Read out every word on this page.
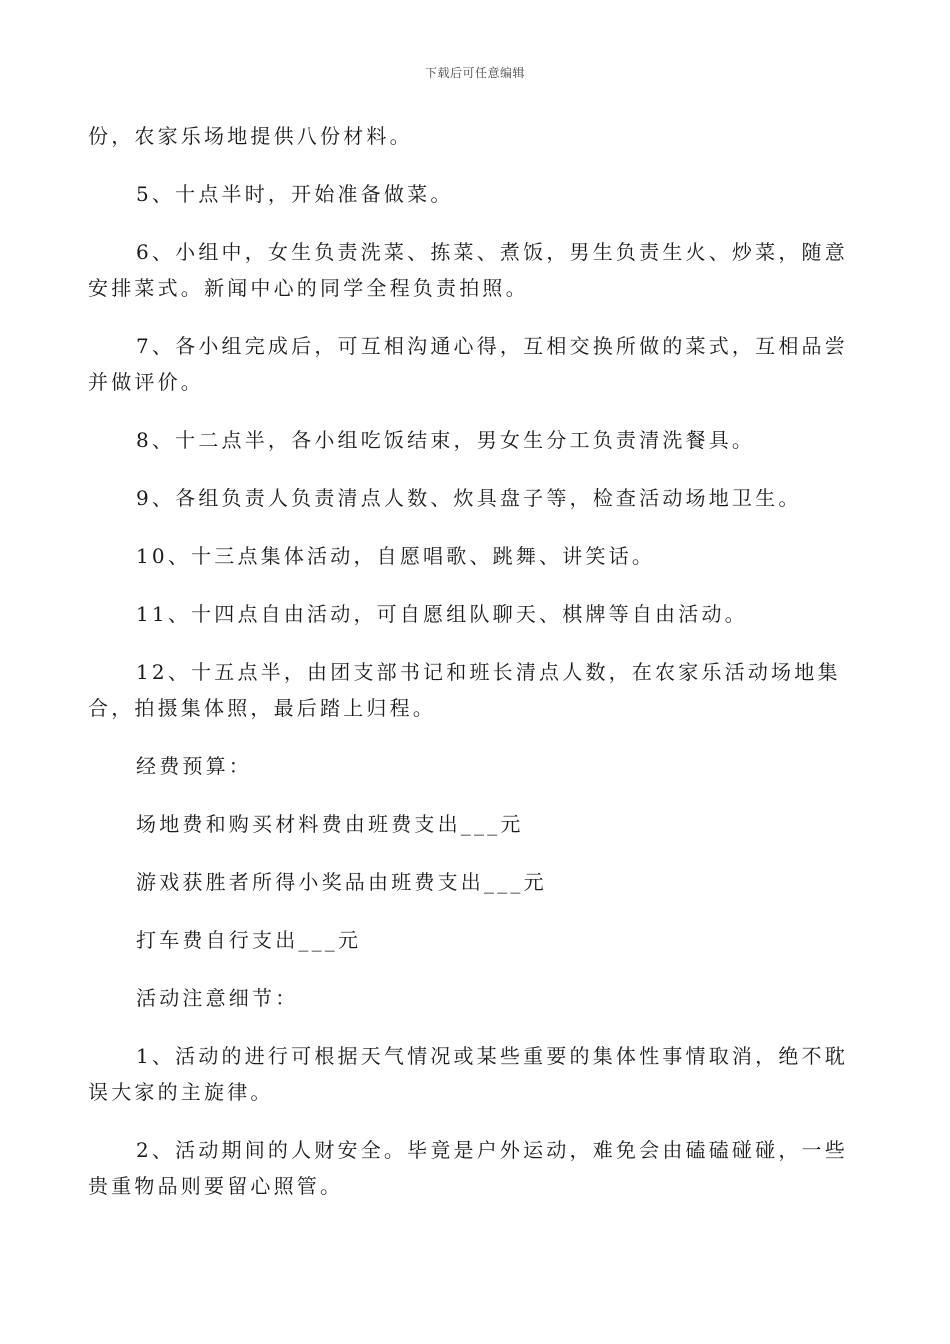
下载后可任意编辑

份，农家乐场地提供八份材料。

5、十点半时，开始准备做菜。

6、小组中，女生负责洗菜、拣菜、煮饭，男生负责生火、炒菜，随意安排菜式。新闻中心的同学全程负责拍照。

7、各小组完成后，可互相沟通心得，互相交换所做的菜式，互相品尝并做评价。

8、十二点半，各小组吃饭结束，男女生分工负责清洗餐具。

9、各组负责人负责清点人数、炊具盘子等，检查活动场地卫生。

10、十三点集体活动，自愿唱歌、跳舞、讲笑话。

11、十四点自由活动，可自愿组队聊天、棋牌等自由活动。

12、十五点半，由团支部书记和班长清点人数，在农家乐活动场地集合，拍摄集体照，最后踏上归程。

经费预算：

场地费和购买材料费由班费支出___元

游戏获胜者所得小奖品由班费支出___元

打车费自行支出___元

活动注意细节：

1、活动的进行可根据天气情况或某些重要的集体性事情取消，绝不耽误大家的主旋律。

2、活动期间的人财安全。毕竟是户外运动，难免会由磕磕碰碰，一些贵重物品则要留心照管。
